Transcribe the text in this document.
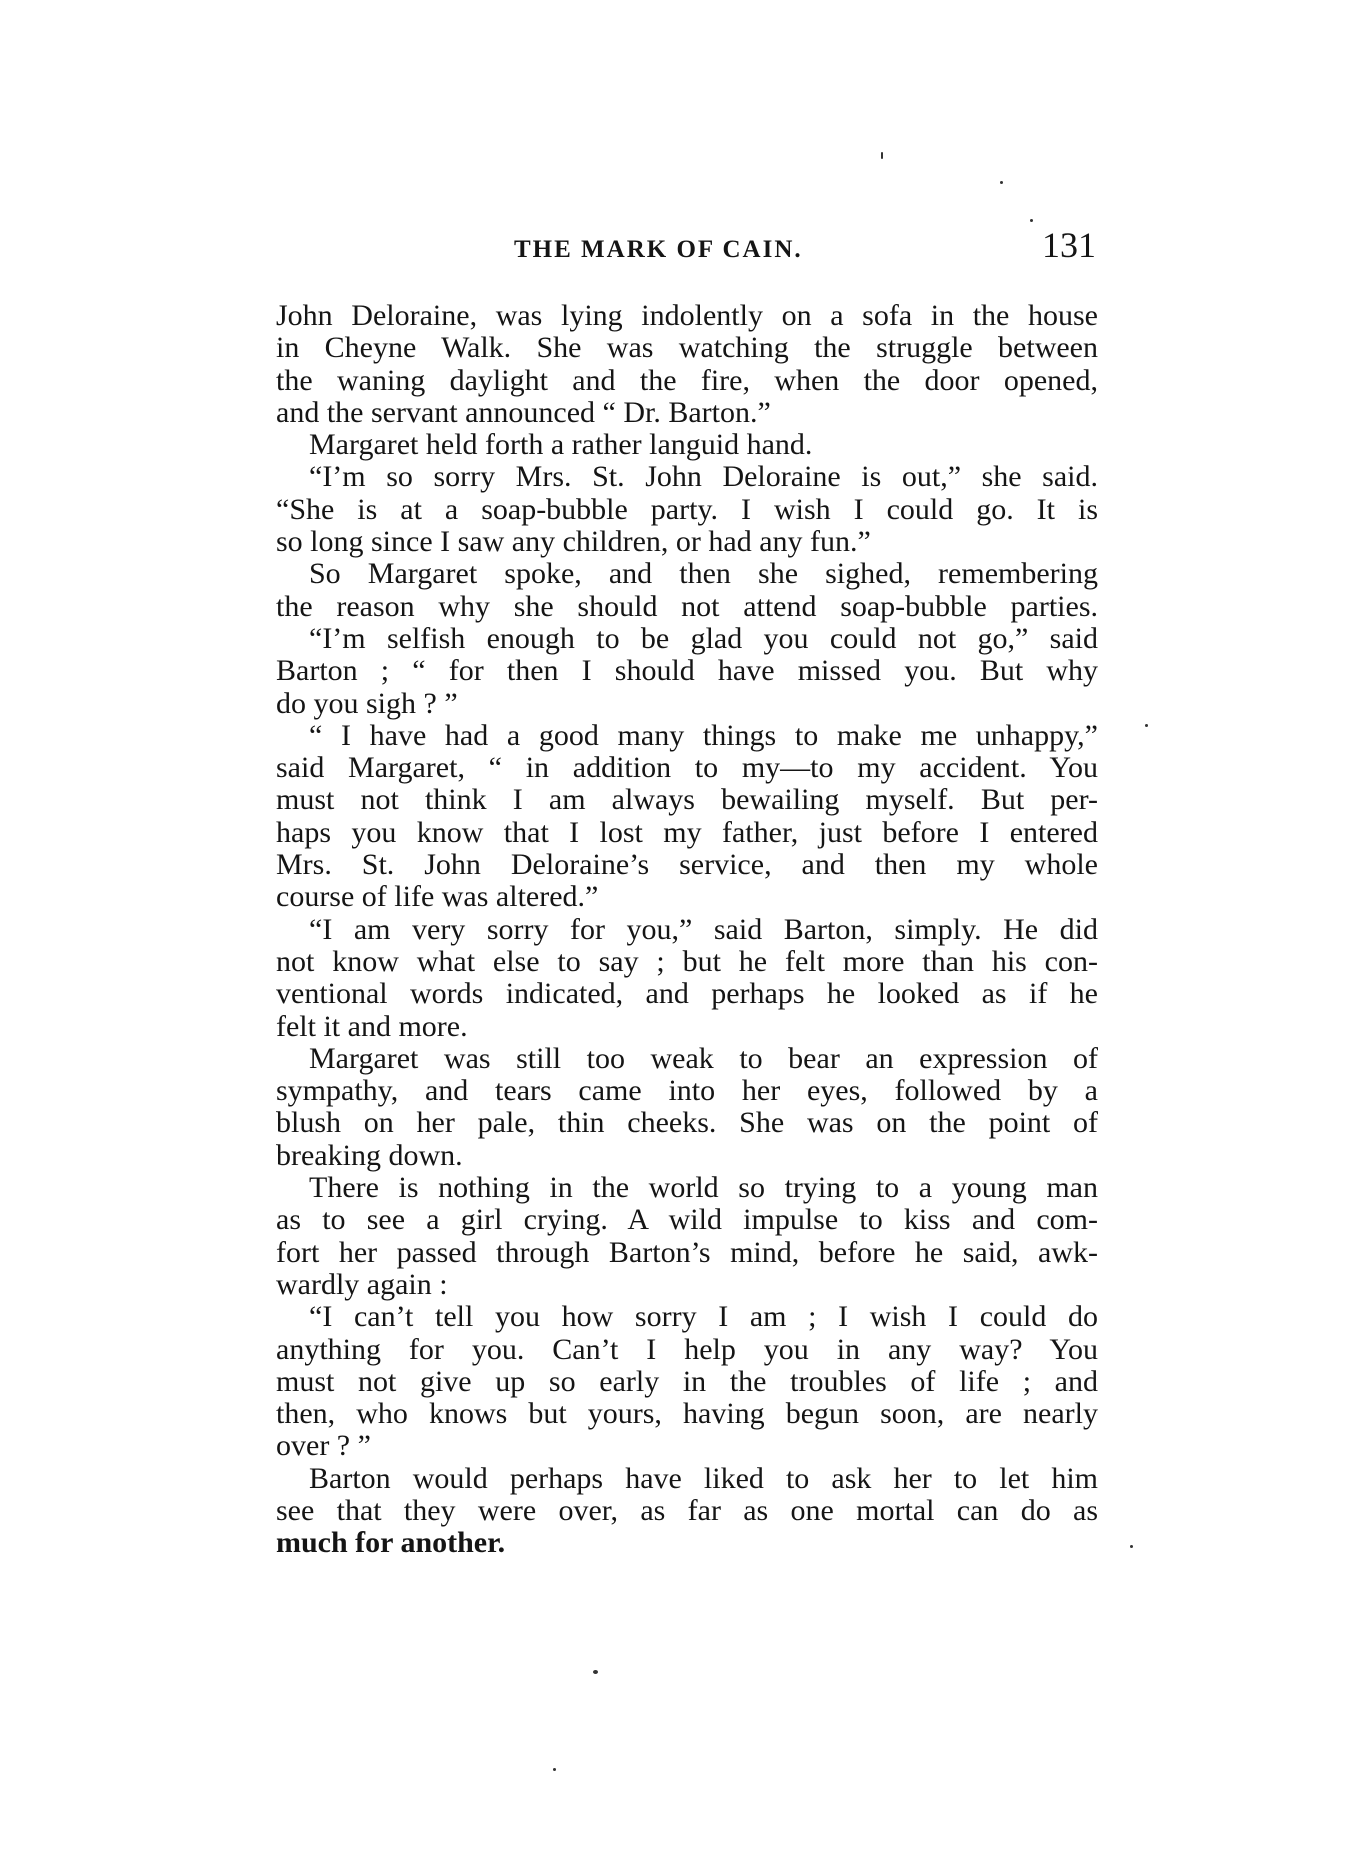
THE MARK OF CAIN.	131
John Deloraine, was lying indolently on a sofa in the house
in Cheyne Walk. She was watching the struggle between
the waning daylight and the fire, when the door opened,
and the servant announced “ Dr. Barton.”
Margaret held forth a rather languid hand.
“I’m so sorry Mrs. St. John Deloraine is out,” she said.
“She is at a soap-bubble party. I wish I could go. It is
so long since I saw any children, or had any fun.”
So Margaret spoke, and then she sighed, remembering
the reason why she should not attend soap-bubble parties.
“I’m selfish enough to be glad you could not go,” said
Barton ; “ for then I should have missed you. But why
do you sigh ? ”
“ I have had a good many things to make me unhappy,”
said Margaret, “ in addition to my—to my accident. You
must not think I am always bewailing myself. But per-
haps you know that I lost my father, just before I entered
Mrs. St. John Deloraine’s service, and then my whole
course of life was altered.”
“I am very sorry for you,” said Barton, simply. He did
not know what else to say ; but he felt more than his con-
ventional words indicated, and perhaps he looked as if he
felt it and more.
Margaret was still too weak to bear an expression of
sympathy, and tears came into her eyes, followed by a
blush on her pale, thin cheeks. She was on the point of
breaking down.
There is nothing in the world so trying to a young man
as to see a girl crying. A wild impulse to kiss and com-
fort her passed through Barton’s mind, before he said, awk-
wardly again :
“I can’t tell you how sorry I am ; I wish I could do
anything for you. Can’t I help you in any way? You
must not give up so early in the troubles of life ; and
then, who knows but yours, having begun soon, are nearly
over ? ”
Barton would perhaps have liked to ask her to let him
see that they were over, as far as one mortal can do as
much for another.
